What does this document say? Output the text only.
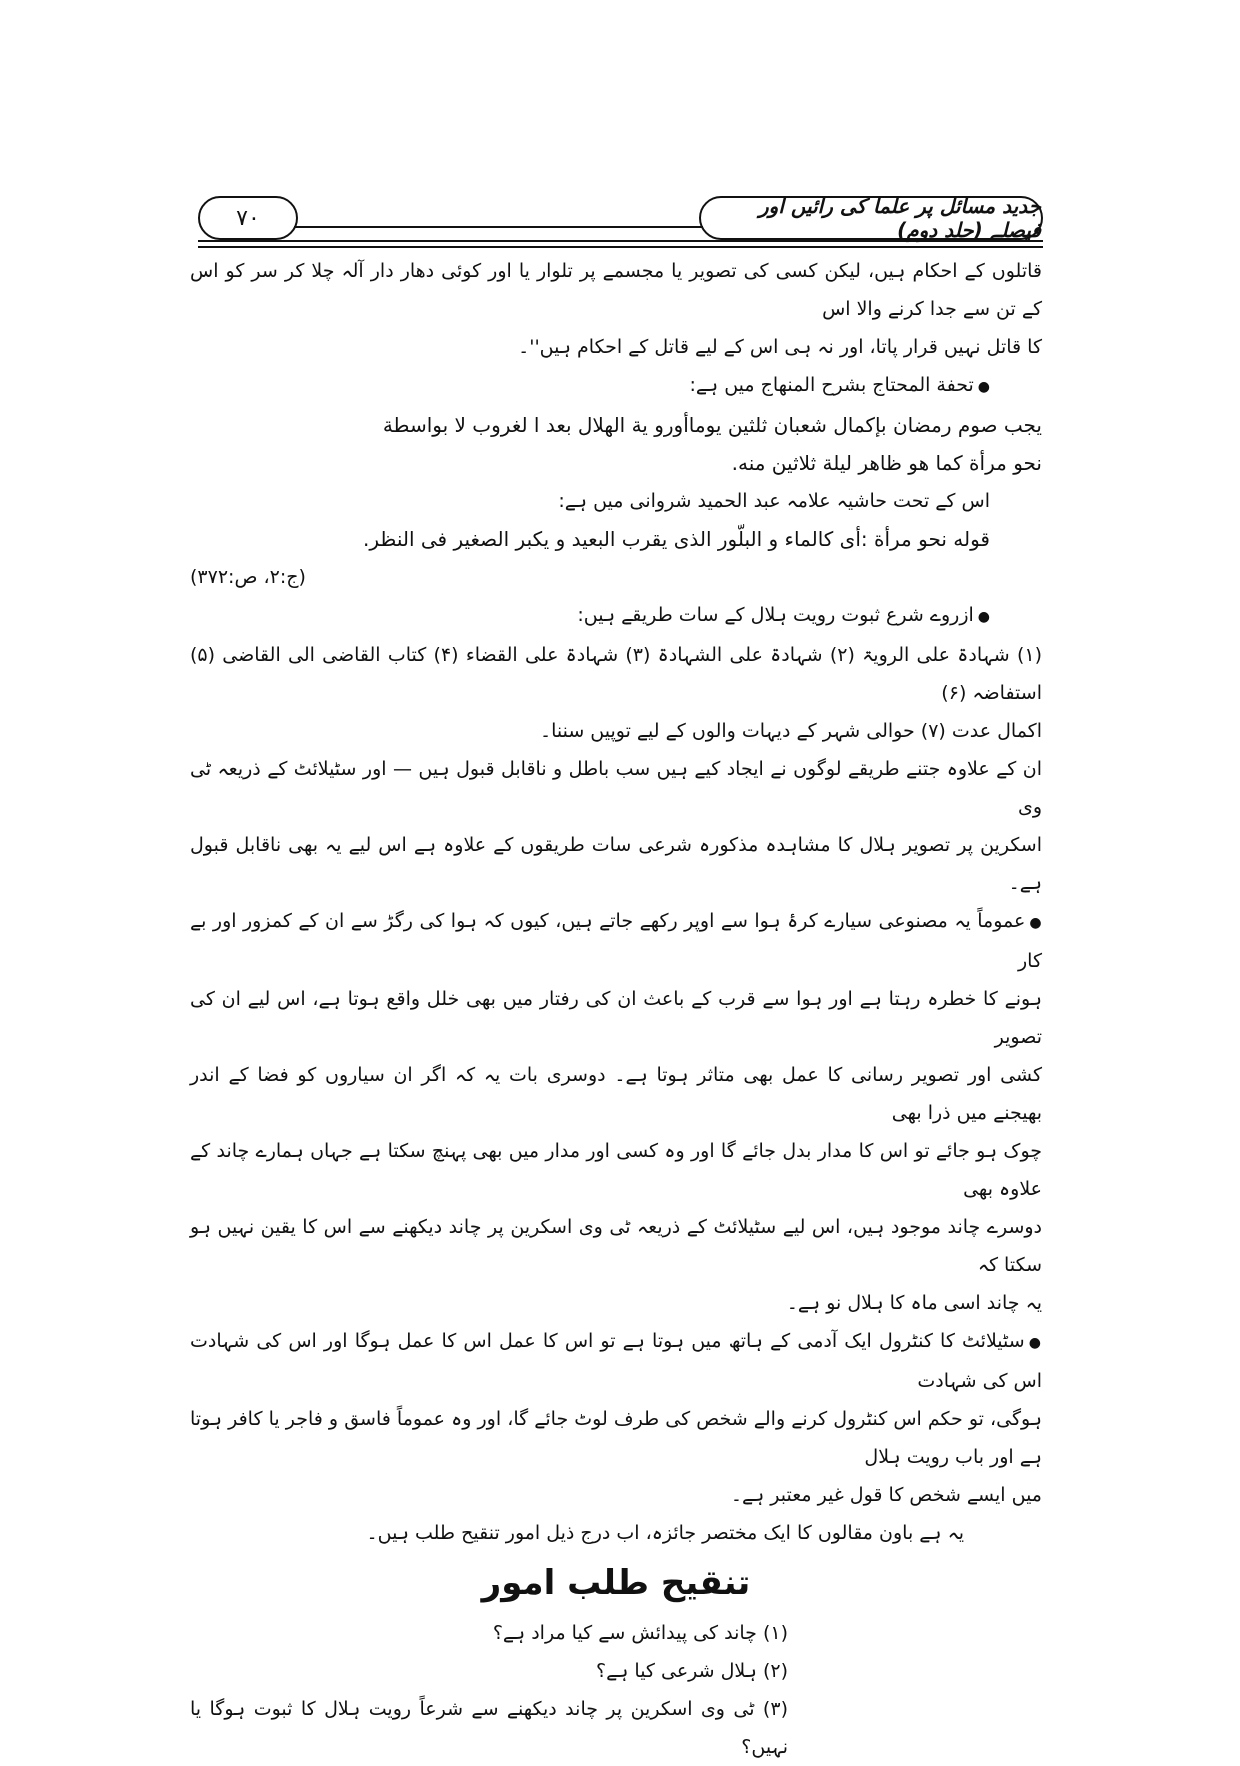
۷۰	جدید مسائل پر علما کی رائیں اور فیصلے (جلد دوم)

قاتلوں کے احکام ہیں، لیکن کسی کی تصویر یا مجسمے پر تلوار یا اور کوئی دھار دار آلہ چلا کر سر کو اس کے تن سے جدا کرنے والا اس

کا قاتل نہیں قرار پاتا، اور نہ ہی اس کے لیے قاتل کے احکام ہیں''۔

● تحفة المحتاج بشرح المنهاج میں ہے:

یجب صوم رمضان بإکمال شعبان ثلثین یوماأورو یة الهلال بعد ا لغروب لا بواسطة

نحو مرأة کما هو ظاهر لیلة ثلاثین منه.

اس کے تحت حاشیہ علامہ عبد الحمید شروانی میں ہے:

قوله نحو مرأة :أی کالماء و البلّور الذی یقرب البعید و یکبر الصغیر فی النظر.

(ج:۲، ص:۳۷۲)

● ازروے شرع ثبوت رویت ہلال کے سات طریقے ہیں:

(۱) شہادۃ علی الرویۃ (۲) شہادۃ علی الشہادۃ (۳) شہادۃ علی القضاء (۴) کتاب القاضی الی القاضی (۵) استفاضہ (۶)

اکمال عدت (۷) حوالی شہر کے دیہات والوں کے لیے توپیں سننا۔

ان کے علاوہ جتنے طریقے لوگوں نے ایجاد کیے ہیں سب باطل و ناقابل قبول ہیں — اور سٹیلائٹ کے ذریعہ ٹی وی

اسکرین پر تصویر ہلال کا مشاہدہ مذکورہ شرعی سات طریقوں کے علاوہ ہے اس لیے یہ بھی ناقابل قبول ہے۔

● عموماً یہ مصنوعی سیارے کرۂ ہوا سے اوپر رکھے جاتے ہیں، کیوں کہ ہوا کی رگڑ سے ان کے کمزور اور بے کار

ہونے کا خطرہ رہتا ہے اور ہوا سے قرب کے باعث ان کی رفتار میں بھی خلل واقع ہوتا ہے، اس لیے ان کی تصویر

کشی اور تصویر رسانی کا عمل بھی متاثر ہوتا ہے۔ دوسری بات یہ کہ اگر ان سیاروں کو فضا کے اندر بھیجنے میں ذرا بھی

چوک ہو جائے تو اس کا مدار بدل جائے گا اور وہ کسی اور مدار میں بھی پہنچ سکتا ہے جہاں ہمارے چاند کے علاوہ بھی

دوسرے چاند موجود ہیں، اس لیے سٹیلائٹ کے ذریعہ ٹی وی اسکرین پر چاند دیکھنے سے اس کا یقین نہیں ہو سکتا کہ

یہ چاند اسی ماہ کا ہلال نو ہے۔

● سٹیلائٹ کا کنٹرول ایک آدمی کے ہاتھ میں ہوتا ہے تو اس کا عمل اس کا عمل ہوگا اور اس کی شہادت اس کی شہادت

ہوگی، تو حکم اس کنٹرول کرنے والے شخص کی طرف لوٹ جائے گا، اور وہ عموماً فاسق و فاجر یا کافر ہوتا ہے اور باب رویت ہلال

میں ایسے شخص کا قول غیر معتبر ہے۔

یہ ہے باون مقالوں کا ایک مختصر جائزہ، اب درج ذیل امور تنقیح طلب ہیں۔

تنقیح طلب امور

(۱) چاند کی پیدائش سے کیا مراد ہے؟

(۲) ہلال شرعی کیا ہے؟

(۳) ٹی وی اسکرین پر چاند دیکھنے سے شرعاً رویت ہلال کا ثبوت ہوگا یا نہیں؟
